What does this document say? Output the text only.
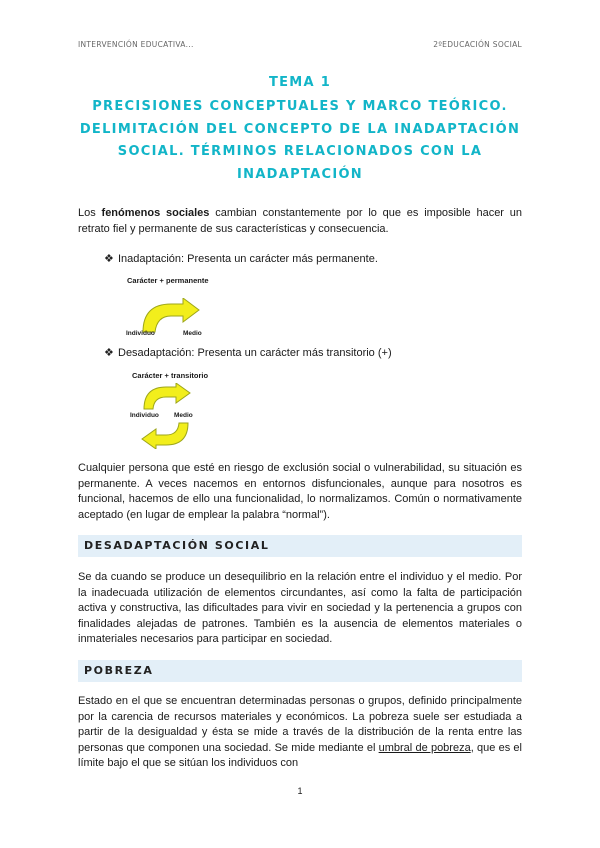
INTERVENCIÓN EDUCATIVA...	2ºEDUCACIÓN SOCIAL
TEMA 1
PRECISIONES CONCEPTUALES Y MARCO TEÓRICO.
DELIMITACIÓN DEL CONCEPTO DE LA INADAPTACIÓN
SOCIAL. TÉRMINOS RELACIONADOS CON LA
INADAPTACIÓN
Los fenómenos sociales cambian constantemente por lo que es imposible hacer un retrato fiel y permanente de sus características y consecuencia.
❖ Inadaptación: Presenta un carácter más permanente.
Carácter + permanente
Individuo	Medio
❖ Desadaptación: Presenta un carácter más transitorio (+)
Carácter + transitorio
Individuo Medio
Cualquier persona que esté en riesgo de exclusión social o vulnerabilidad, su situación es permanente. A veces nacemos en entornos disfuncionales, aunque para nosotros es funcional, hacemos de ello una funcionalidad, lo normalizamos. Común o normativamente aceptado (en lugar de emplear la palabra “normal”).
DESADAPTACIÓN SOCIAL
Se da cuando se produce un desequilibrio en la relación entre el individuo y el medio. Por la inadecuada utilización de elementos circundantes, así como la falta de participación activa y constructiva, las dificultades para vivir en sociedad y la pertenencia a grupos con finalidades alejadas de patrones. También es la ausencia de elementos materiales o inmateriales necesarios para participar en sociedad.
POBREZA
Estado en el que se encuentran determinadas personas o grupos, definido principalmente por la carencia de recursos materiales y económicos. La pobreza suele ser estudiada a partir de la desigualdad y ésta se mide a través de la distribución de la renta entre las personas que componen una sociedad. Se mide mediante el umbral de pobreza, que es el límite bajo el que se sitúan los individuos con
1
